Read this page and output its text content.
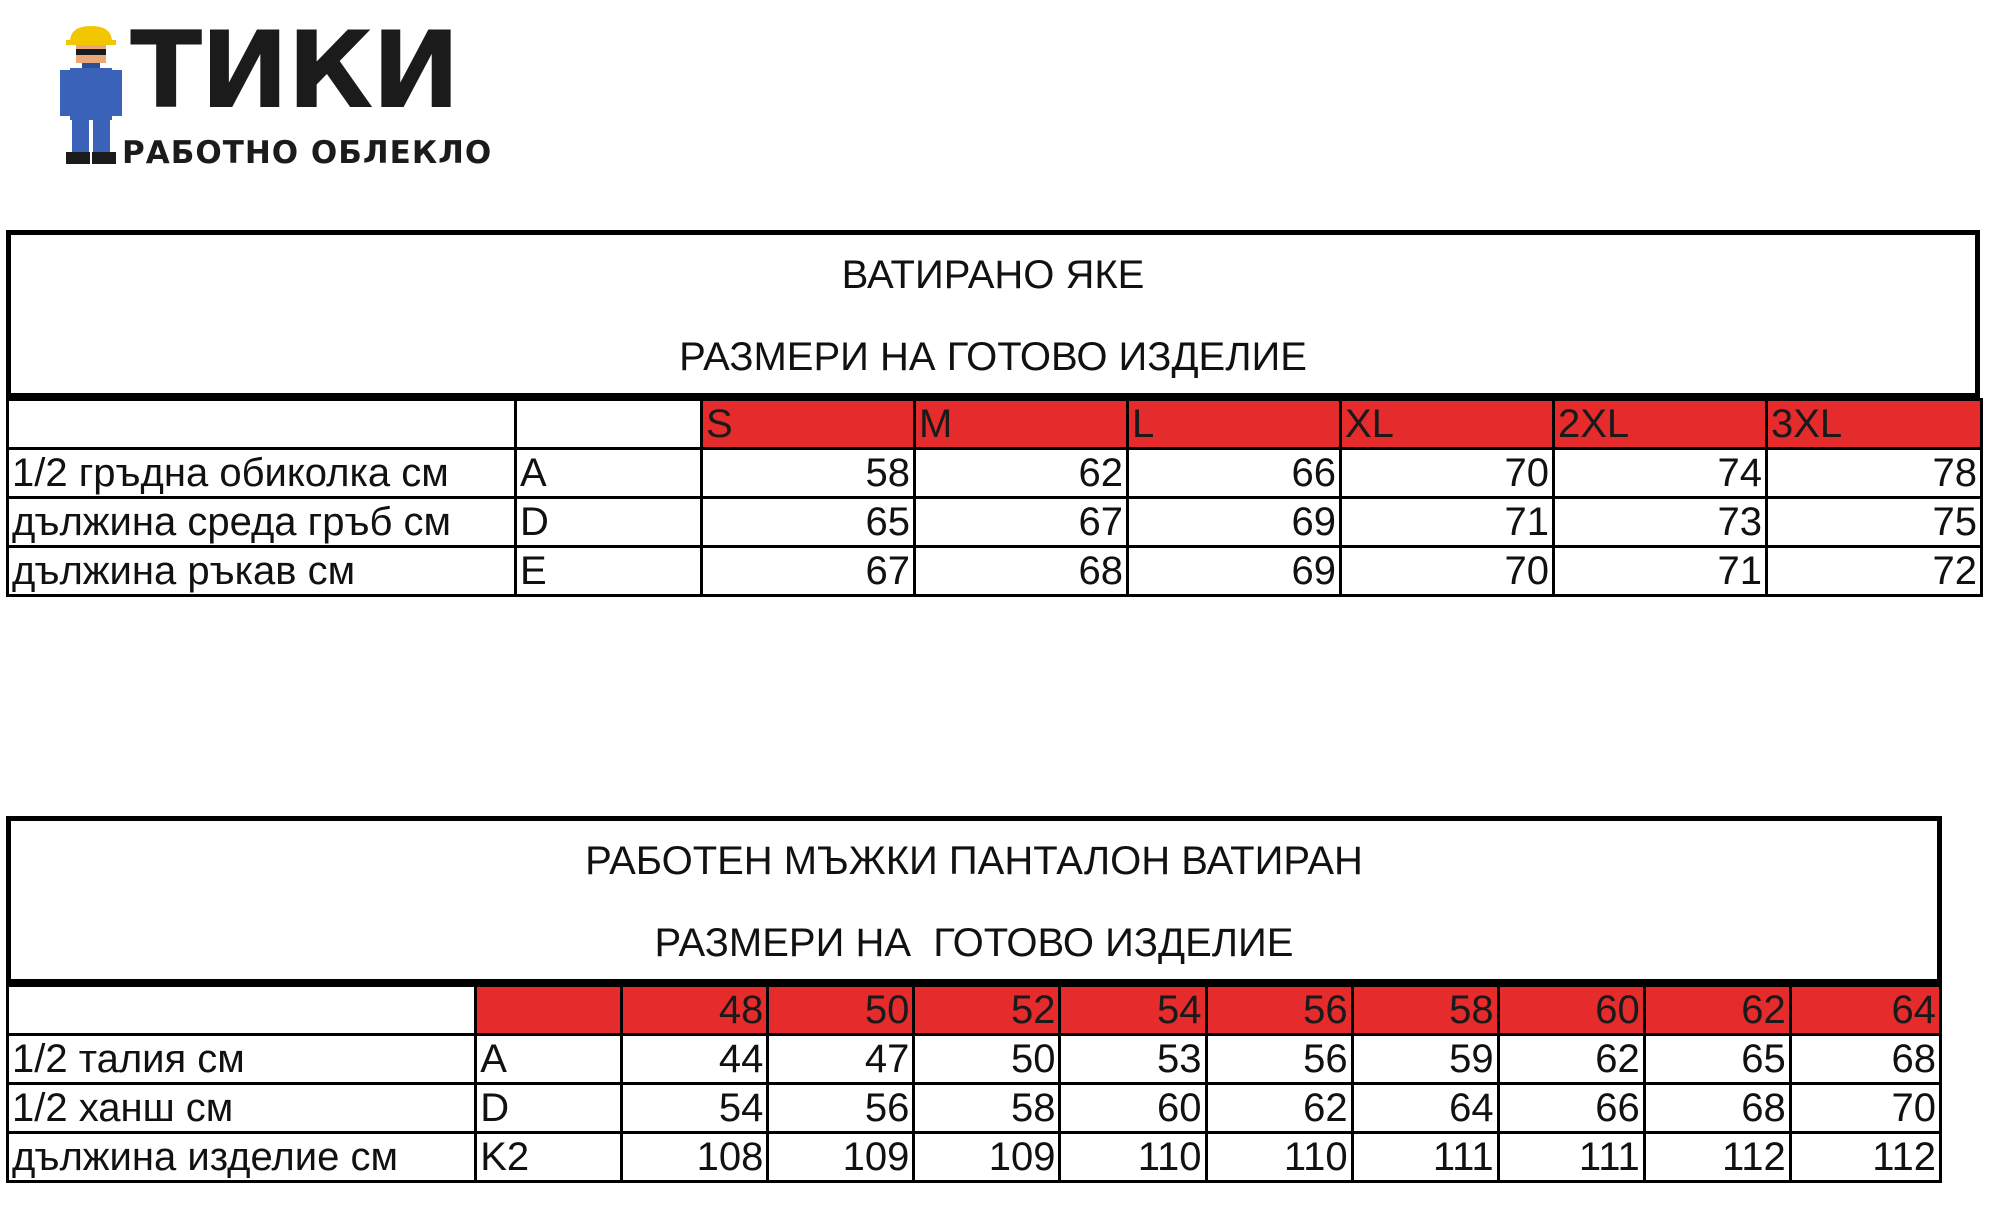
ТИКИ
РАБОТНО ОБЛЕКЛО
ВАТИРАНО ЯКЕ
РАЗМЕРИ НА ГОТОВО ИЗДЕЛИЕ
		S	M	L	XL	2XL	3XL
1/2 гръдна обиколка см	A	58	62	66	70	74	78
дължина среда гръб см	D	65	67	69	71	73	75
дължина ръкав см	E	67	68	69	70	71	72
РАБОТЕН МЪЖКИ ПАНТАЛОН ВАТИРАН
РАЗМЕРИ НА  ГОТОВО ИЗДЕЛИЕ
		48	50	52	54	56	58	60	62	64
1/2 талия см	A	44	47	50	53	56	59	62	65	68
1/2 ханш см	D	54	56	58	60	62	64	66	68	70
дължина изделие см	K2	108	109	109	110	110	111	111	112	112
